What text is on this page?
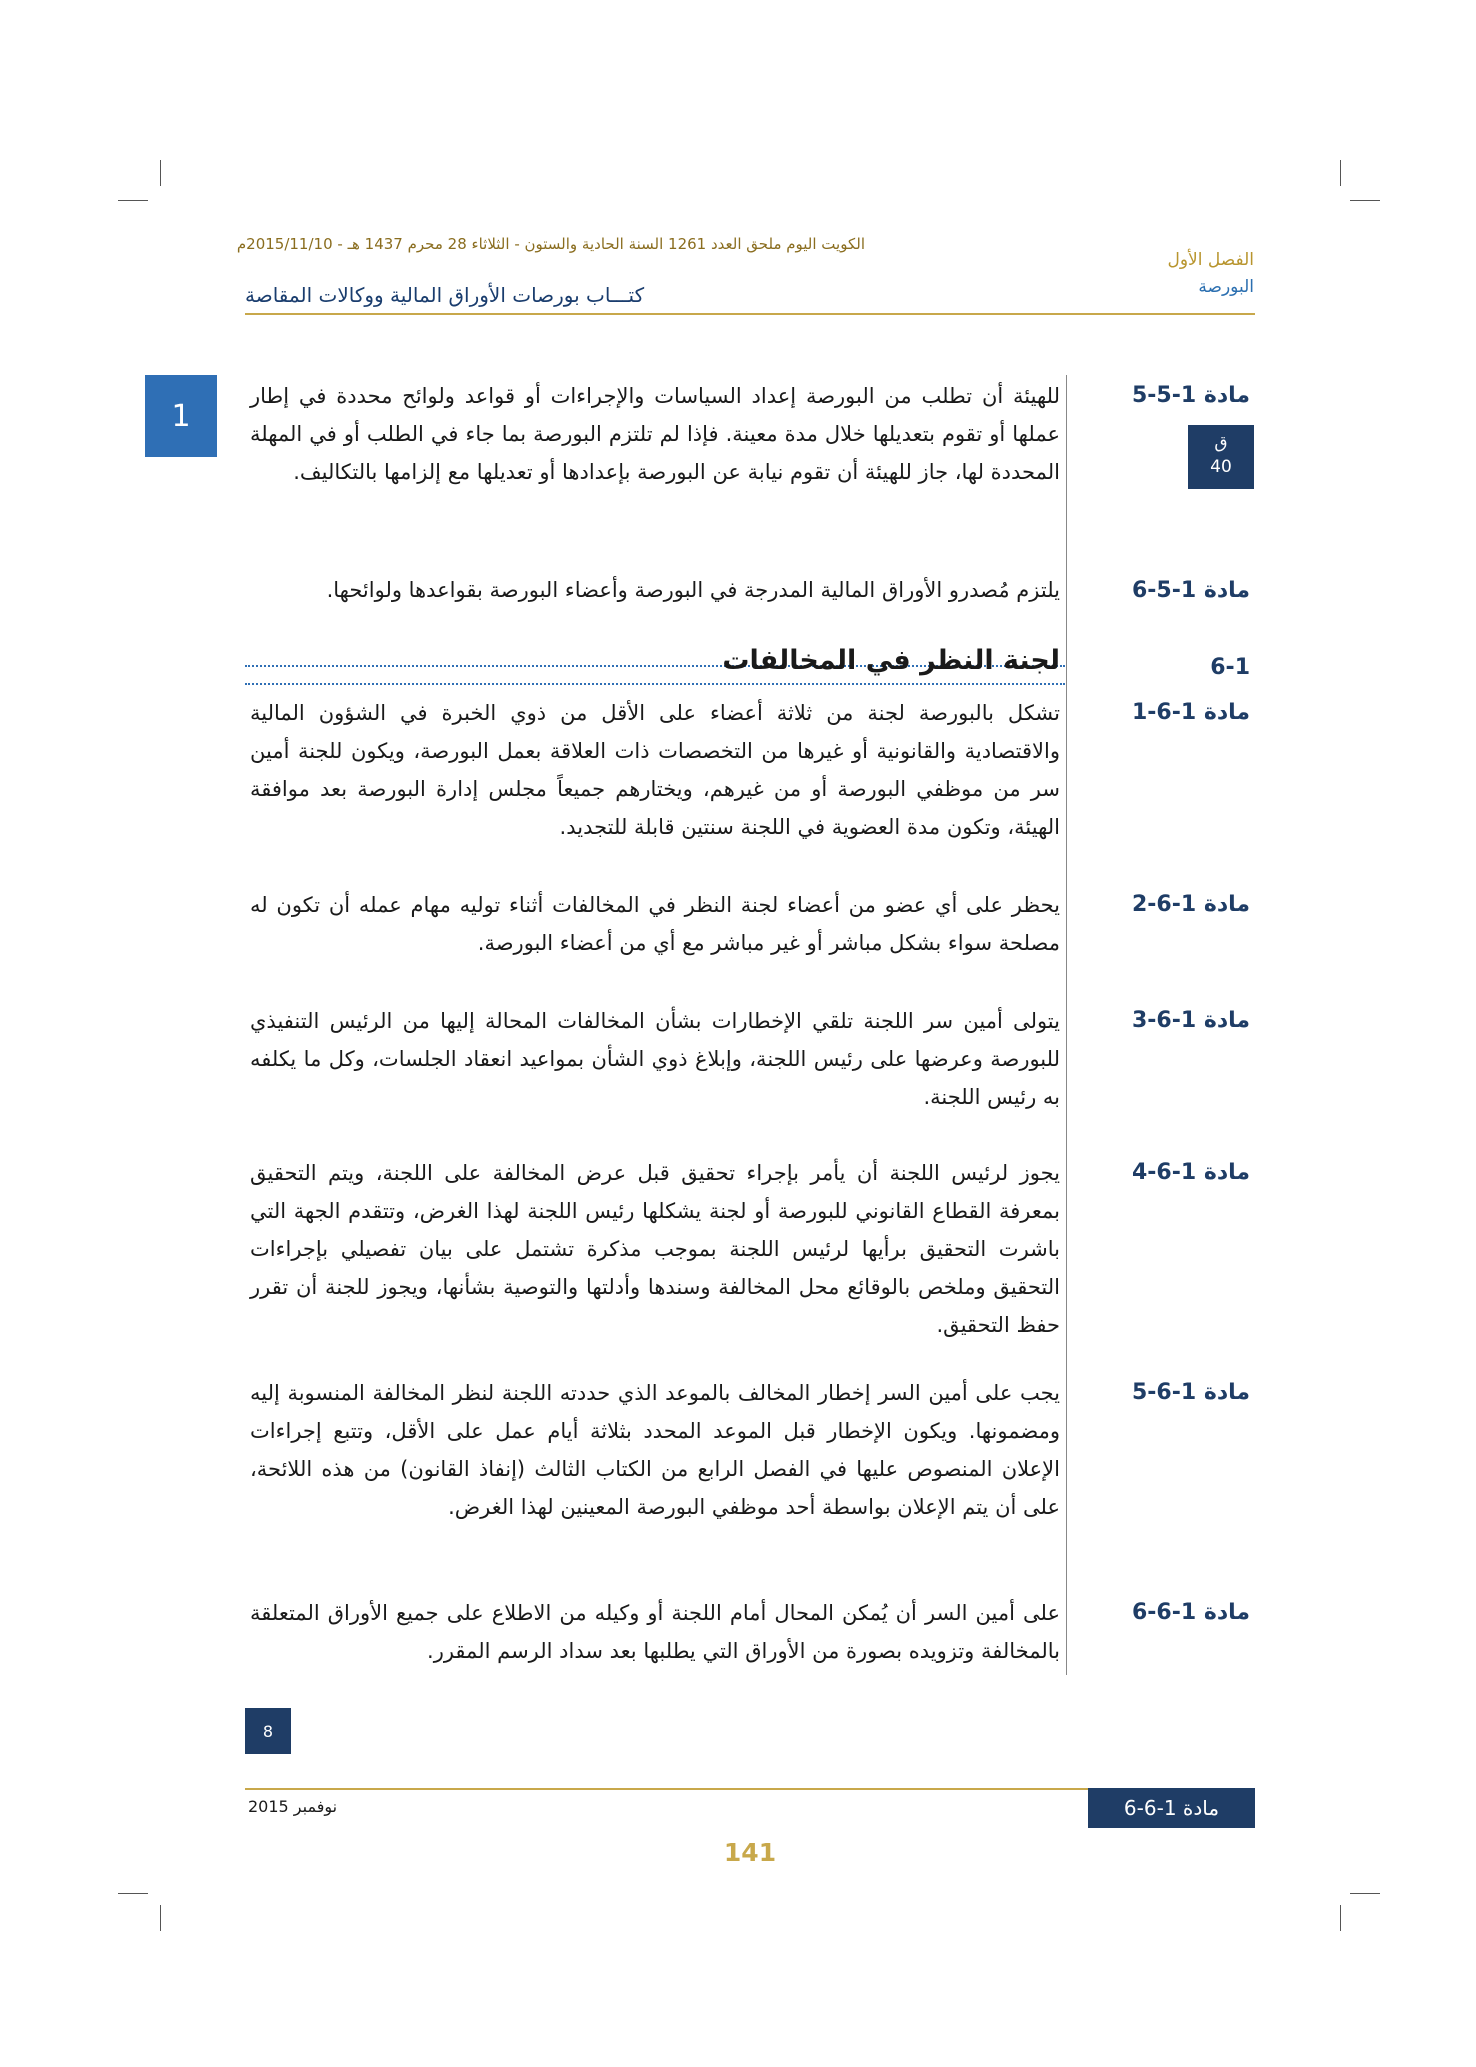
الكويت اليوم ملحق العدد 1261 السنة الحادية والستون - الثلاثاء 28 محرم 1437 هـ - 2015/11/10م
الفصل الأول
البورصة
كتـــاب بورصات الأوراق المالية ووكالات المقاصة
1
ق
40
مادة 1-5-5
للهيئة أن تطلب من البورصة إعداد السياسات والإجراءات أو قواعد ولوائح محددة في إطار عملها أو تقوم بتعديلها خلال مدة معينة. فإذا لم تلتزم البورصة بما جاء في الطلب أو في المهلة المحددة لها، جاز للهيئة أن تقوم نيابة عن البورصة بإعدادها أو تعديلها مع إلزامها بالتكاليف.
مادة 1-5-6
يلتزم مُصدرو الأوراق المالية المدرجة في البورصة وأعضاء البورصة بقواعدها ولوائحها.
6-1
لجنة النظر في المخالفات
مادة 1-6-1
تشكل بالبورصة لجنة من ثلاثة أعضاء على الأقل من ذوي الخبرة في الشؤون المالية والاقتصادية والقانونية أو غيرها من التخصصات ذات العلاقة بعمل البورصة، ويكون للجنة أمين سر من موظفي البورصة أو من غيرهم، ويختارهم جميعاً مجلس إدارة البورصة بعد موافقة الهيئة، وتكون مدة العضوية في اللجنة سنتين قابلة للتجديد.
مادة 1-6-2
يحظر على أي عضو من أعضاء لجنة النظر في المخالفات أثناء توليه مهام عمله أن تكون له مصلحة سواء بشكل مباشر أو غير مباشر مع أي من أعضاء البورصة.
مادة 1-6-3
يتولى أمين سر اللجنة تلقي الإخطارات بشأن المخالفات المحالة إليها من الرئيس التنفيذي للبورصة وعرضها على رئيس اللجنة، وإبلاغ ذوي الشأن بمواعيد انعقاد الجلسات، وكل ما يكلفه به رئيس اللجنة.
مادة 1-6-4
يجوز لرئيس اللجنة أن يأمر بإجراء تحقيق قبل عرض المخالفة على اللجنة، ويتم التحقيق بمعرفة القطاع القانوني للبورصة أو لجنة يشكلها رئيس اللجنة لهذا الغرض، وتتقدم الجهة التي باشرت التحقيق برأيها لرئيس اللجنة بموجب مذكرة تشتمل على بيان تفصيلي بإجراءات التحقيق وملخص بالوقائع محل المخالفة وسندها وأدلتها والتوصية بشأنها، ويجوز للجنة أن تقرر حفظ التحقيق.
مادة 1-6-5
يجب على أمين السر إخطار المخالف بالموعد الذي حددته اللجنة لنظر المخالفة المنسوبة إليه ومضمونها. ويكون الإخطار قبل الموعد المحدد بثلاثة أيام عمل على الأقل، وتتبع إجراءات الإعلان المنصوص عليها في الفصل الرابع من الكتاب الثالث (إنفاذ القانون) من هذه اللائحة، على أن يتم الإعلان بواسطة أحد موظفي البورصة المعينين لهذا الغرض.
مادة 1-6-6
على أمين السر أن يُمكن المحال أمام اللجنة أو وكيله من الاطلاع على جميع الأوراق المتعلقة بالمخالفة وتزويده بصورة من الأوراق التي يطلبها بعد سداد الرسم المقرر.
8
نوفمبر 2015	مادة 1-6-6
141
